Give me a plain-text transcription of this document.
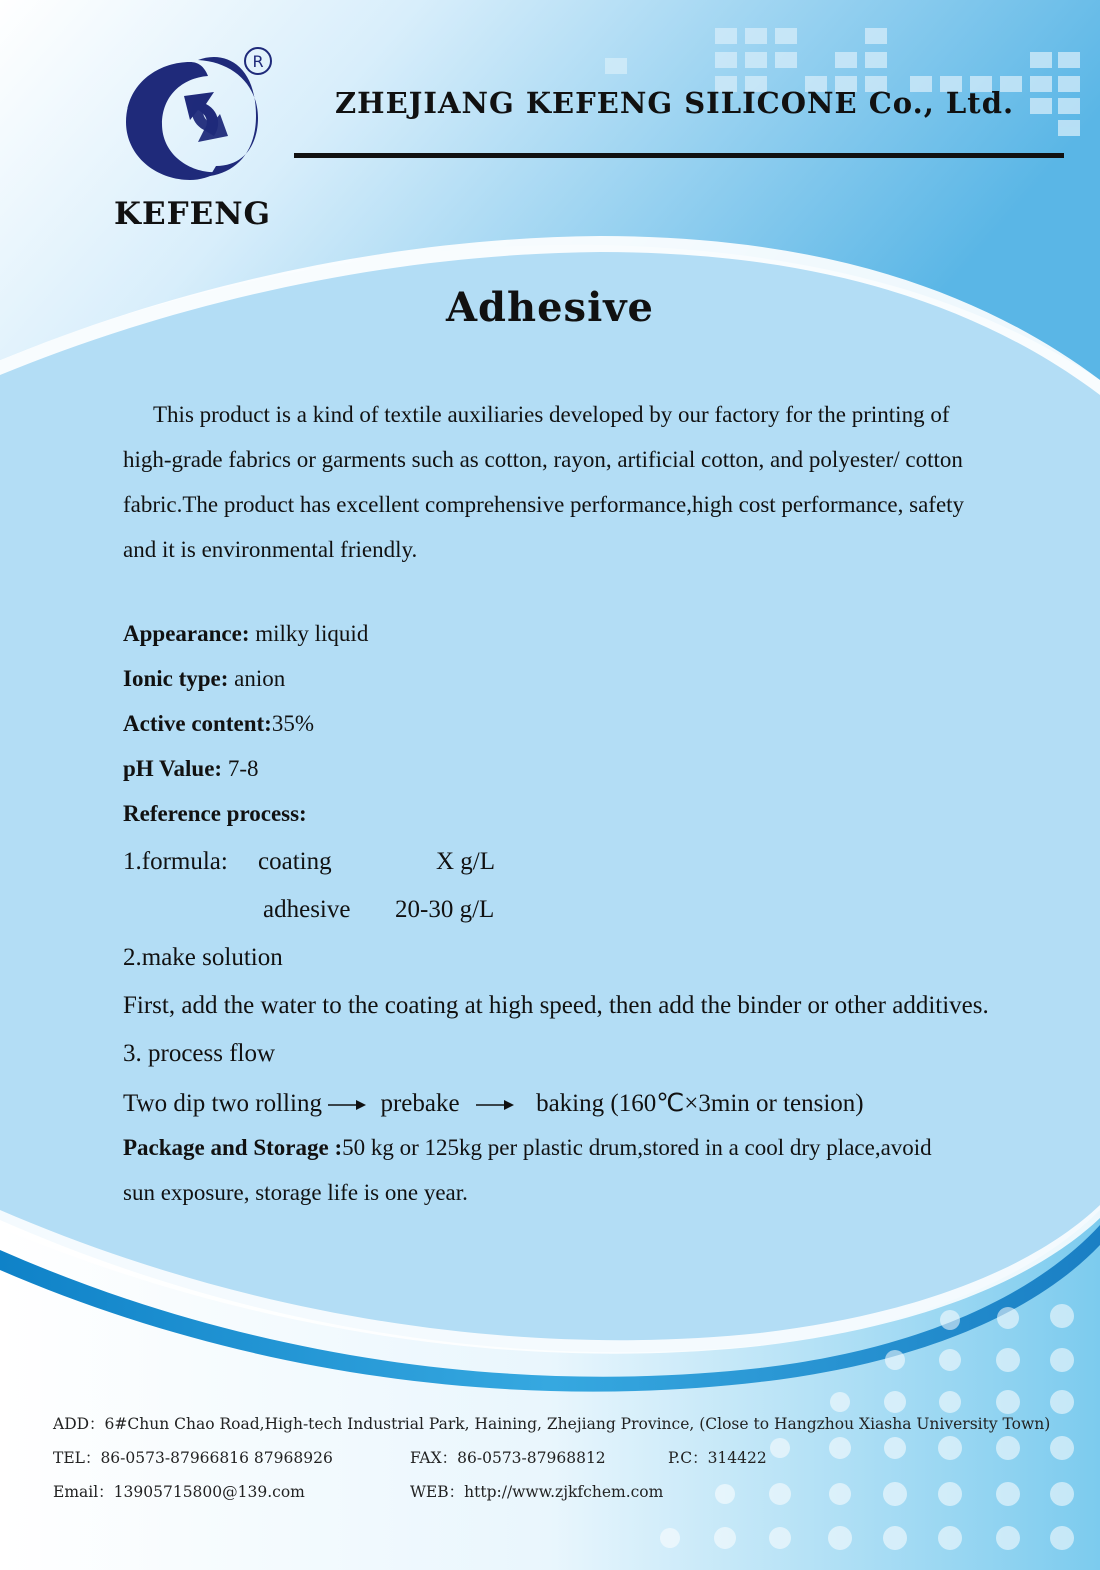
R
KEFENG
ZHEJIANG KEFENG SILICONE Co., Ltd.
Adhesive

This product is a kind of textile auxiliaries developed by our factory for the printing of high-grade fabrics or garments such as cotton, rayon, artificial cotton, and polyester/ cotton fabric.The product has excellent comprehensive performance,high cost performance, safety and it is environmental friendly.

Appearance: milky liquid
Ionic type: anion
Active content:35%
pH Value: 7-8
Reference process:
1.formula: coating	X g/L
adhesive 20-30 g/L
2.make solution
First, add the water to the coating at high speed, then add the binder or other additives.
3. process flow
Two dip two rolling prebake	baking (160℃×3min or tension)
Package and Storage :50 kg or 125kg per plastic drum,stored in a cool dry place,avoid
sun exposure, storage life is one year.
ADD：6#Chun Chao Road,High-tech Industrial Park, Haining, Zhejiang Province, (Close to Hangzhou Xiasha University Town)
TEL：86-0573-87966816 87968926	FAX：86-0573-87968812	P.C：314422
Email：13905715800@139.com	WEB：http://www.zjkfchem.com
